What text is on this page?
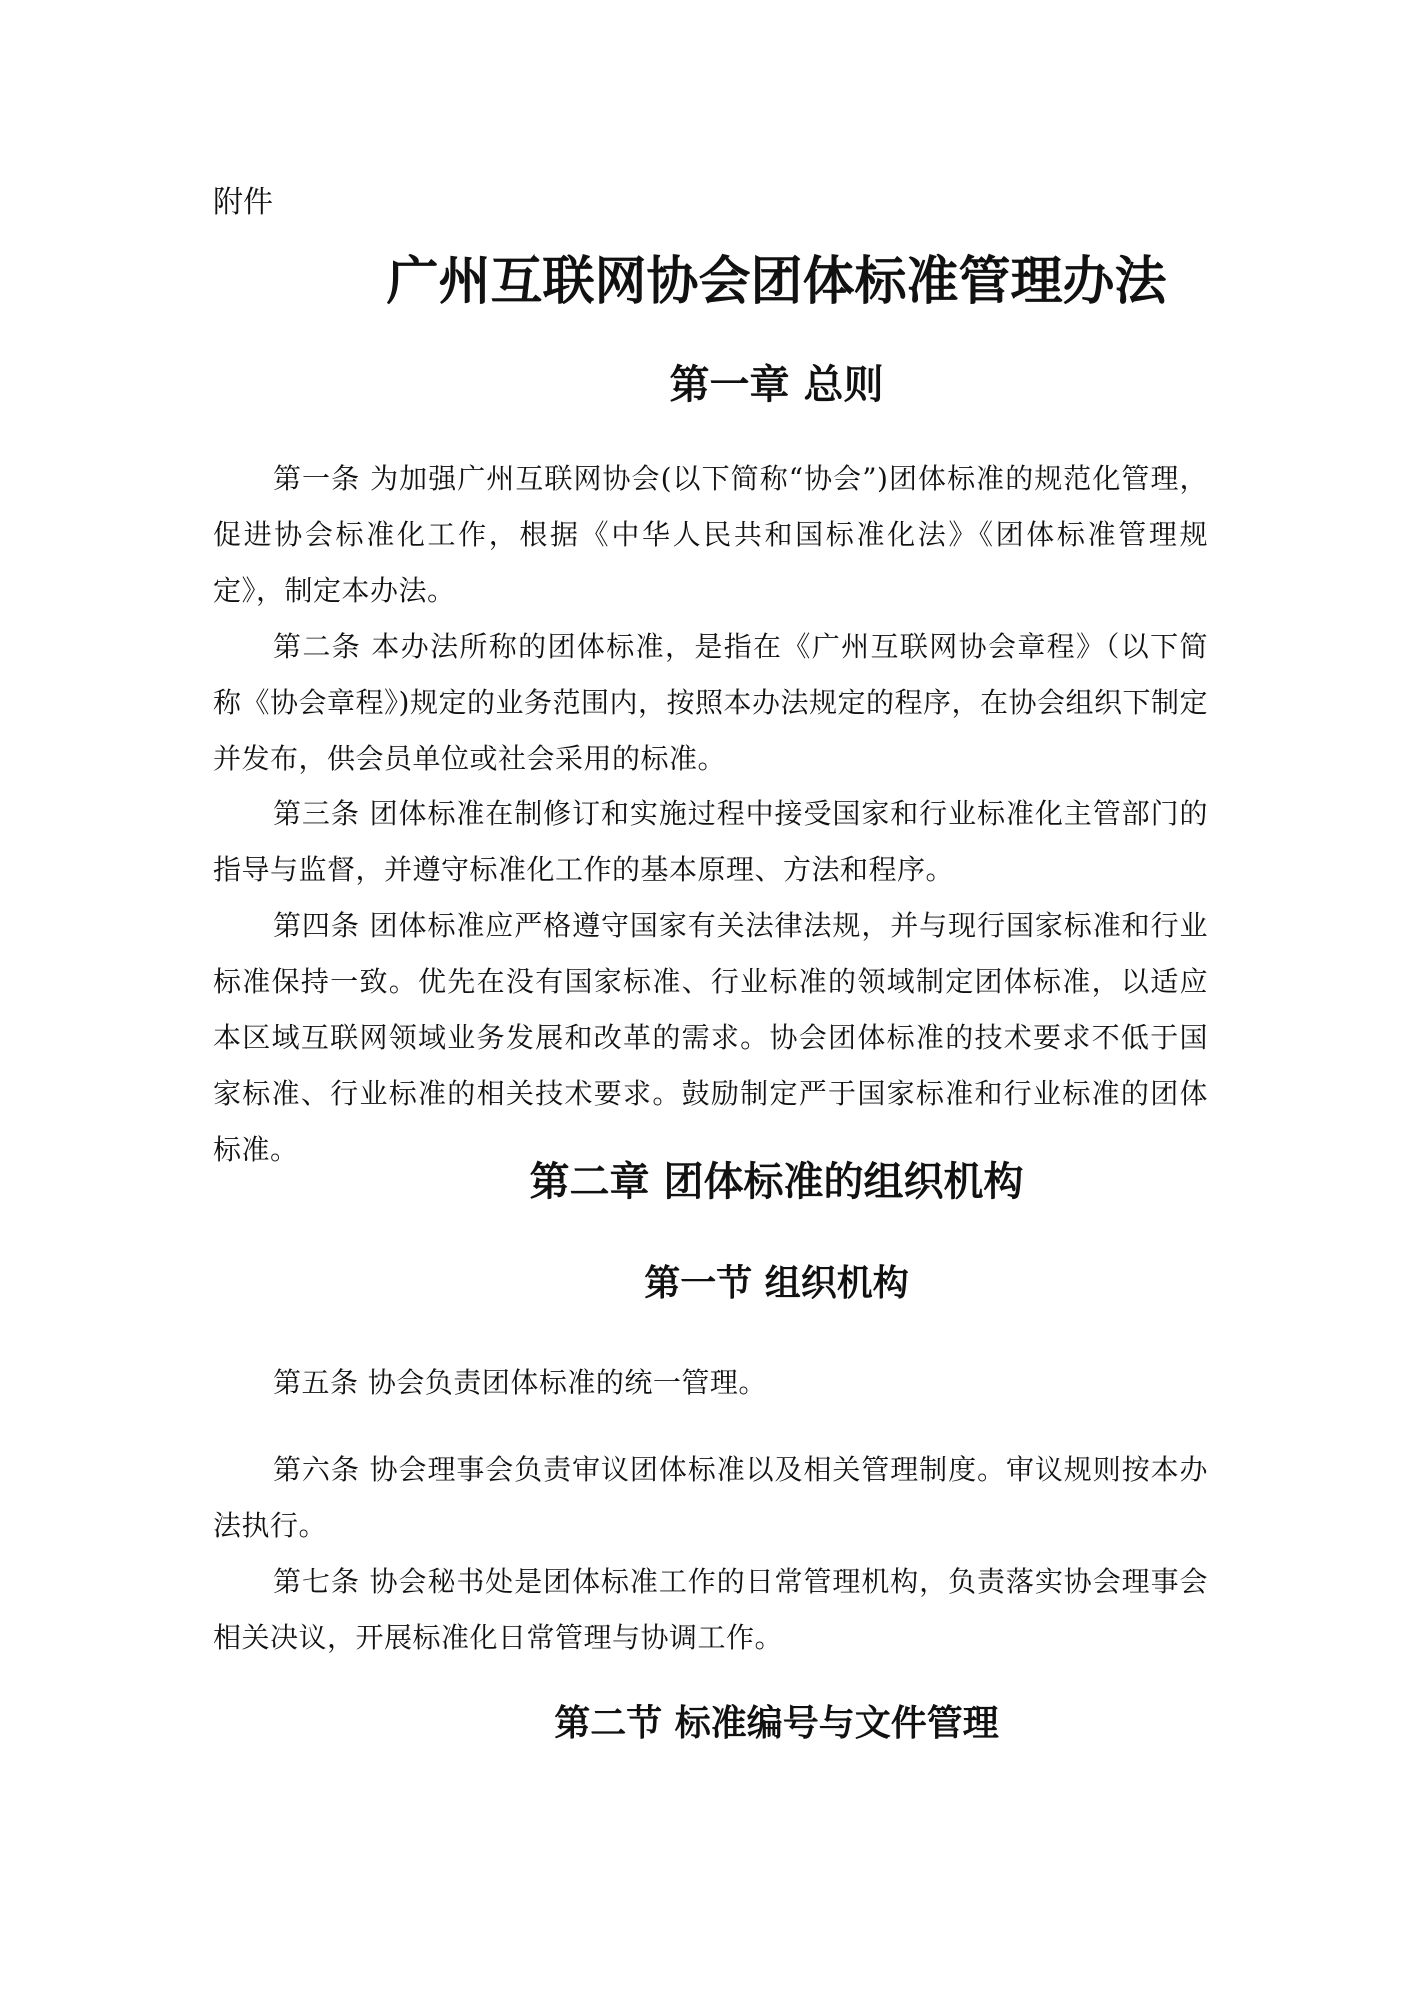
附件

广州互联网协会团体标准管理办法
第一章 总则

第一条 为加强广州互联网协会(以下简称“协会”)团体标准的规范化管理，促进协会标准化工作，根据《中华人民共和国标准化法》《团体标准管理规定》，制定本办法。

第二条 本办法所称的团体标准，是指在《广州互联网协会章程》（以下简称《协会章程》)规定的业务范围内，按照本办法规定的程序，在协会组织下制定并发布，供会员单位或社会采用的标准。

第三条 团体标准在制修订和实施过程中接受国家和行业标准化主管部门的指导与监督，并遵守标准化工作的基本原理、方法和程序。

第四条 团体标准应严格遵守国家有关法律法规，并与现行国家标准和行业标准保持一致。优先在没有国家标准、行业标准的领域制定团体标准，以适应本区域互联网领域业务发展和改革的需求。协会团体标准的技术要求不低于国家标准、行业标准的相关技术要求。鼓励制定严于国家标准和行业标准的团体标准。

第二章 团体标准的组织机构
第一节 组织机构

第五条 协会负责团体标准的统一管理。

第六条 协会理事会负责审议团体标准以及相关管理制度。审议规则按本办法执行。

第七条 协会秘书处是团体标准工作的日常管理机构，负责落实协会理事会相关决议，开展标准化日常管理与协调工作。

第二节 标准编号与文件管理
